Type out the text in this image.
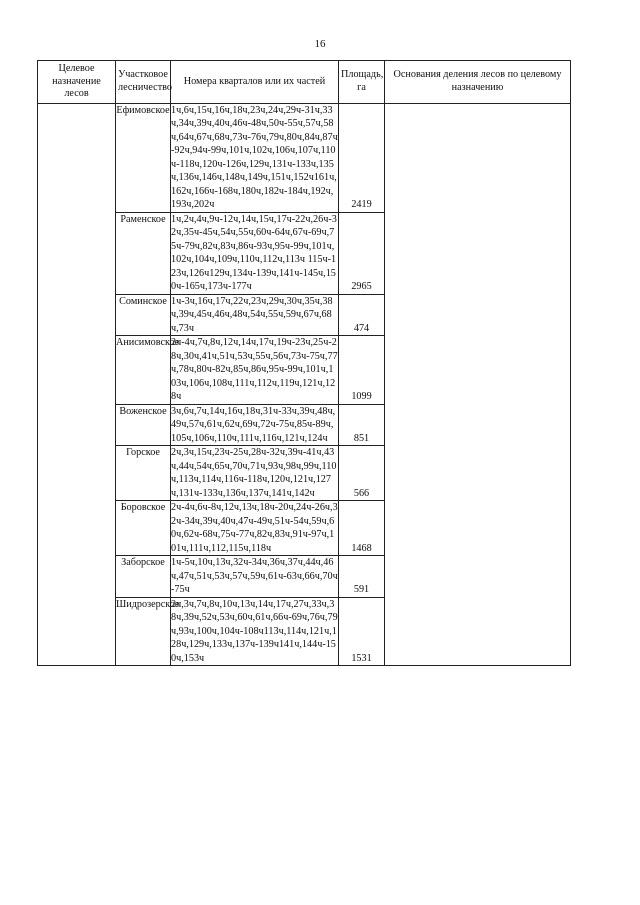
16
Целевое назначение лесов	Участковое лесничество	Номера кварталов или их частей	Площадь, га	Основания деления лесов по целевому назначению
	Ефимовское	1ч,6ч,15ч,16ч,18ч,23ч,24ч,29ч-31ч,33ч,34ч,39ч,40ч,46ч-48ч,50ч-55ч,57ч,58ч,64ч,67ч,68ч,73ч-76ч,79ч,80ч,84ч,87ч-92ч,94ч-99ч,101ч,102ч,106ч,107ч,110ч-118ч,120ч-126ч,129ч,131ч-133ч,135ч,136ч,146ч,148ч,149ч,151ч,152ч161ч,162ч,166ч-168ч,180ч,182ч-184ч,192ч,193ч,202ч	2419	
	Раменское	1ч,2ч,4ч,9ч-12ч,14ч,15ч,17ч-22ч,26ч-32ч,35ч-45ч,54ч,55ч,60ч-64ч,67ч-69ч,75ч-79ч,82ч,83ч,86ч-93ч,95ч-99ч,101ч,102ч,104ч,109ч,110ч,112ч,113ч 115ч-123ч,126ч129ч,134ч-139ч,141ч-145ч,150ч-165ч,173ч-177ч	2965	
	Соминское	1ч-3ч,16ч,17ч,22ч,23ч,29ч,30ч,35ч,38ч,39ч,45ч,46ч,48ч,54ч,55ч,59ч,67ч,68ч,73ч	474	
	Анисимовское	2ч-4ч,7ч,8ч,12ч,14ч,17ч,19ч-23ч,25ч-28ч,30ч,41ч,51ч,53ч,55ч,56ч,73ч-75ч,77ч,78ч,80ч-82ч,85ч,86ч,95ч-99ч,101ч,103ч,106ч,108ч,111ч,112ч,119ч,121ч,128ч	1099	
	Воженское	3ч,6ч,7ч,14ч,16ч,18ч,31ч-33ч,39ч,48ч,49ч,57ч,61ч,62ч,69ч,72ч-75ч,85ч-89ч,105ч,106ч,110ч,111ч,116ч,121ч,124ч	851	
	Горское	2ч,3ч,15ч,23ч-25ч,28ч-32ч,39ч-41ч,43ч,44ч,54ч,65ч,70ч,71ч,93ч,98ч,99ч,110ч,113ч,114ч,116ч-118ч,120ч,121ч,127ч,131ч-133ч,136ч,137ч,141ч,142ч	566	
	Боровское	2ч-4ч,6ч-8ч,12ч,13ч,18ч-20ч,24ч-26ч,32ч-34ч,39ч,40ч,47ч-49ч,51ч-54ч,59ч,60ч,62ч-68ч,75ч-77ч,82ч,83ч,91ч-97ч,101ч,111ч,112,115ч,118ч	1468	
	Заборское	1ч-5ч,10ч,13ч,32ч-34ч,36ч,37ч,44ч,46ч,47ч,51ч,53ч,57ч,59ч,61ч-63ч,66ч,70ч-75ч	591	
	Шидрозерское	2ч,3ч,7ч,8ч,10ч,13ч,14ч,17ч,27ч,33ч,38ч,39ч,52ч,53ч,60ч,61ч,66ч-69ч,76ч,79ч,93ч,100ч,104ч-108ч113ч,114ч,121ч,128ч,129ч,133ч,137ч-139ч141ч,144ч-150ч,153ч	1531	
